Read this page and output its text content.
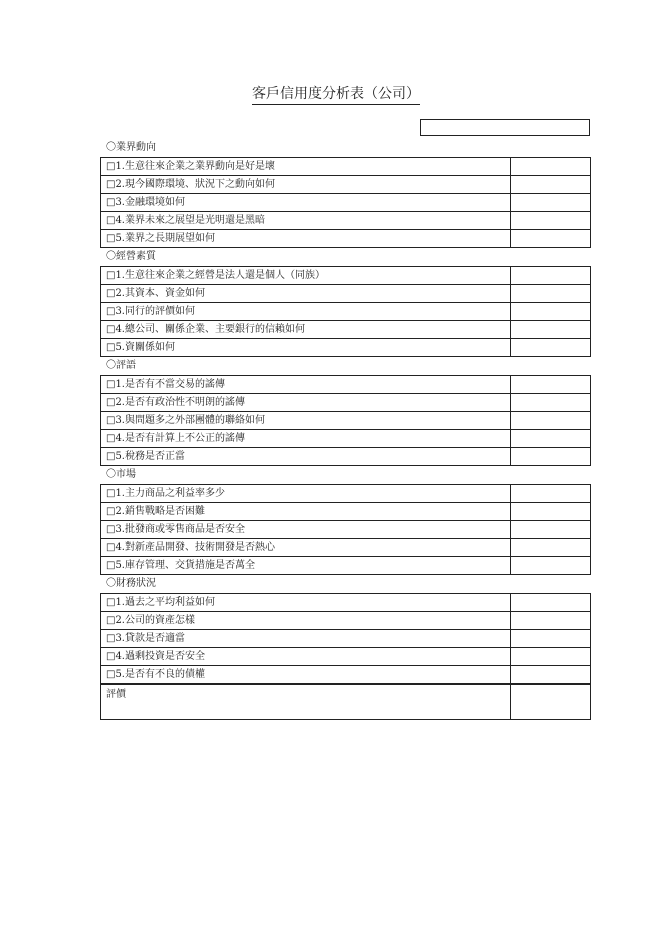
客戶信用度分析表（公司）
〇業界動向
□1.生意往來企業之業界動向是好是壞	
□2.現今國際環境、狀況下之動向如何	
□3.金融環境如何	
□4.業界未來之展望是光明還是黑暗	
□5.業界之長期展望如何	
〇經營素質
□1.生意往來企業之經營是法人還是個人（同族）	
□2.其資本、資金如何	
□3.同行的評價如何	
□4.總公司、關係企業、主要銀行的信賴如何	
□5.資關係如何	
〇評語
□1.是否有不當交易的謠傳	
□2.是否有政治性不明朗的謠傳	
□3.與問題多之外部團體的聯絡如何	
□4.是否有計算上不公正的謠傳	
□5.稅務是否正當	
〇市場
□1.主力商品之利益率多少	
□2.銷售戰略是否困難	
□3.批發商或零售商品是否安全	
□4.對新產品開發、技術開發是否熱心	
□5.庫存管理、交貨措施是否萬全	
〇財務狀況
□1.過去之平均利益如何	
□2.公司的資產怎樣	
□3.貸款是否適當	
□4.過剩投資是否安全	
□5.是否有不良的債權	
評價	
